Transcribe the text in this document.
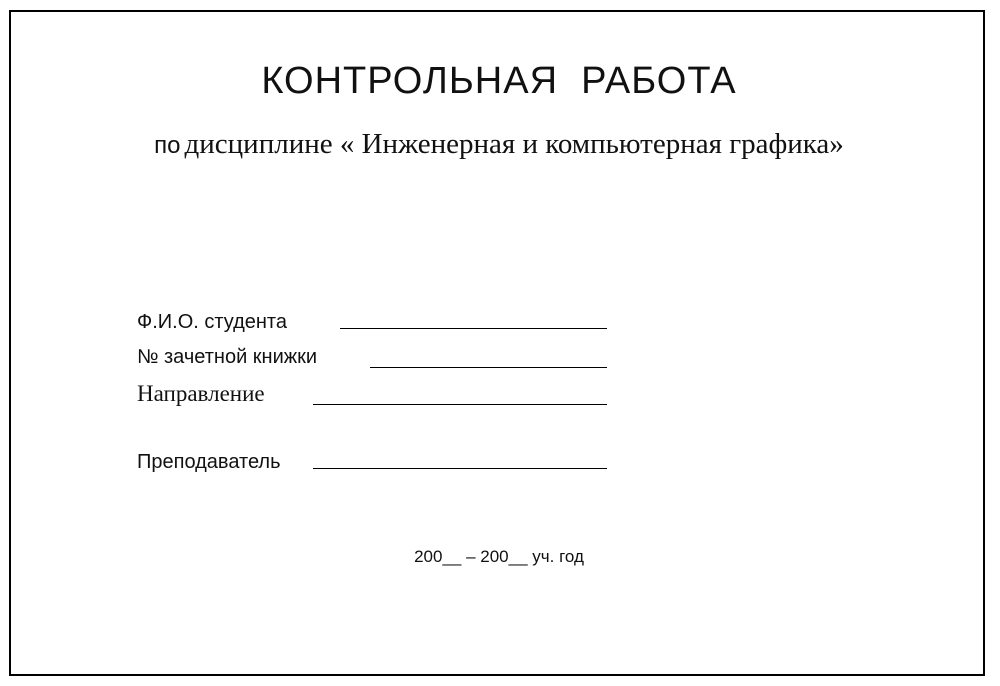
КОНТРОЛЬНАЯ  РАБОТА
по дисциплине « Инженерная и компьютерная графика»
Ф.И.О. студента
№ зачетной книжки
Направление
Преподаватель
200__ – 200__ уч. год
